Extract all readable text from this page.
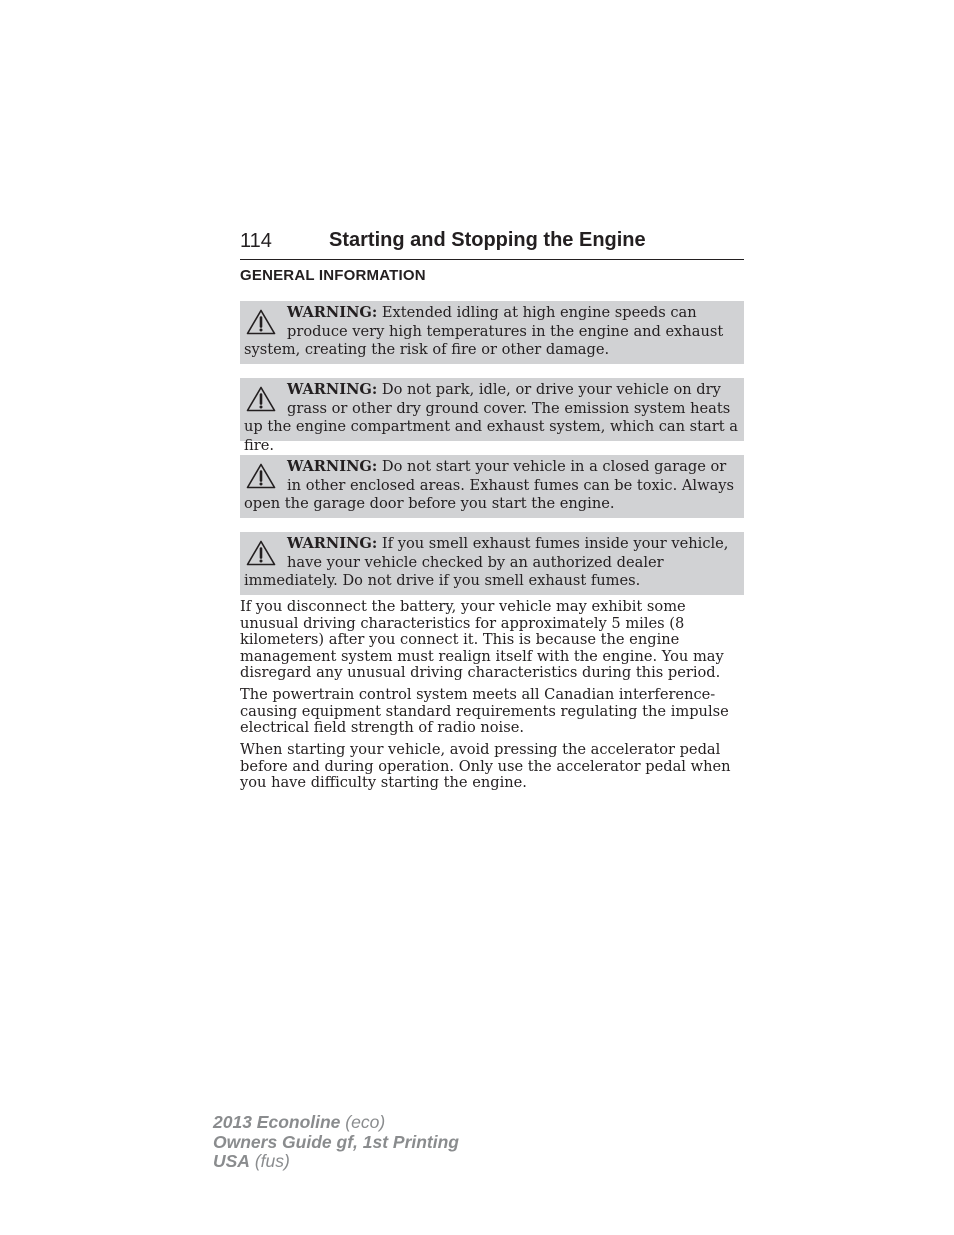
114	Starting and Stopping the Engine
GENERAL INFORMATION

WARNING: Extended idling at high engine speeds can produce very high temperatures in the engine and exhaust system, creating the risk of fire or other damage.

WARNING: Do not park, idle, or drive your vehicle on dry grass or other dry ground cover. The emission system heats up the engine compartment and exhaust system, which can start a fire.

WARNING: Do not start your vehicle in a closed garage or in other enclosed areas. Exhaust fumes can be toxic. Always open the garage door before you start the engine.

WARNING: If you smell exhaust fumes inside your vehicle, have your vehicle checked by an authorized dealer immediately. Do not drive if you smell exhaust fumes.

If you disconnect the battery, your vehicle may exhibit some unusual driving characteristics for approximately 5 miles (8 kilometers) after you connect it. This is because the engine management system must realign itself with the engine. You may disregard any unusual driving characteristics during this period.

The powertrain control system meets all Canadian interference-causing equipment standard requirements regulating the impulse electrical field strength of radio noise.

When starting your vehicle, avoid pressing the accelerator pedal before and during operation. Only use the accelerator pedal when you have difficulty starting the engine.

2013 Econoline (eco)
Owners Guide gf, 1st Printing
USA (fus)
